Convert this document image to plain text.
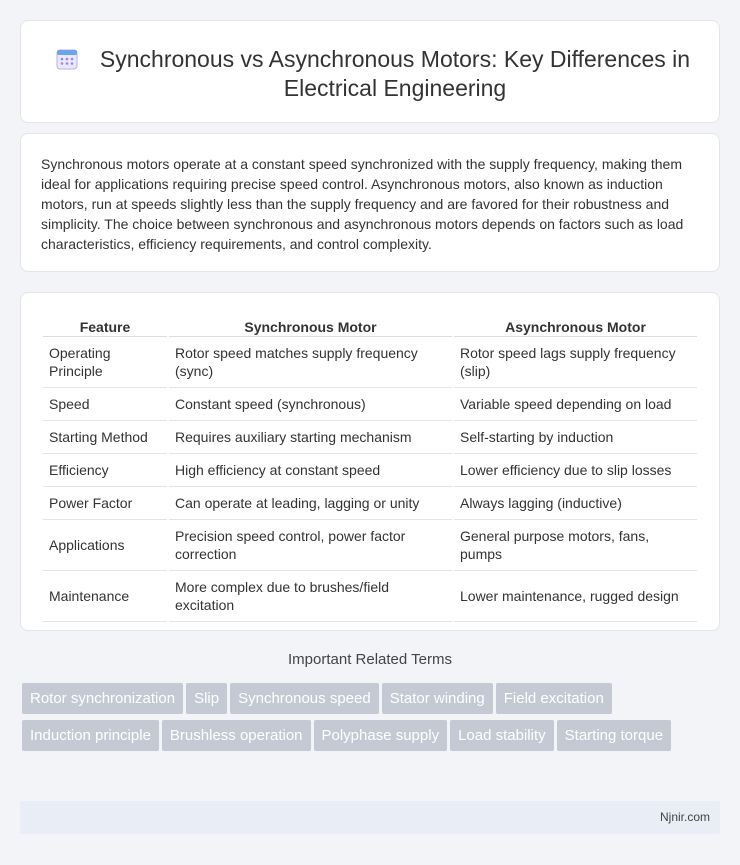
Synchronous vs Asynchronous Motors: Key Differences in Electrical Engineering

Synchronous motors operate at a constant speed synchronized with the supply frequency, making them ideal for applications requiring precise speed control. Asynchronous motors, also known as induction motors, run at speeds slightly less than the supply frequency and are favored for their robustness and simplicity. The choice between synchronous and asynchronous motors depends on factors such as load characteristics, efficiency requirements, and control complexity.

Feature	Synchronous Motor	Asynchronous Motor
Operating Principle	Rotor speed matches supply frequency (sync)	Rotor speed lags supply frequency (slip)
Speed	Constant speed (synchronous)	Variable speed depending on load
Starting Method	Requires auxiliary starting mechanism	Self-starting by induction
Efficiency	High efficiency at constant speed	Lower efficiency due to slip losses
Power Factor	Can operate at leading, lagging or unity	Always lagging (inductive)
Applications	Precision speed control, power factor correction	General purpose motors, fans, pumps
Maintenance	More complex due to brushes/field excitation	Lower maintenance, rugged design
Important Related Terms
Rotor synchronization Slip Synchronous speed Stator winding Field excitationInduction principle Brushless operation Polyphase supply Load stability Starting torque
Njnir.com
